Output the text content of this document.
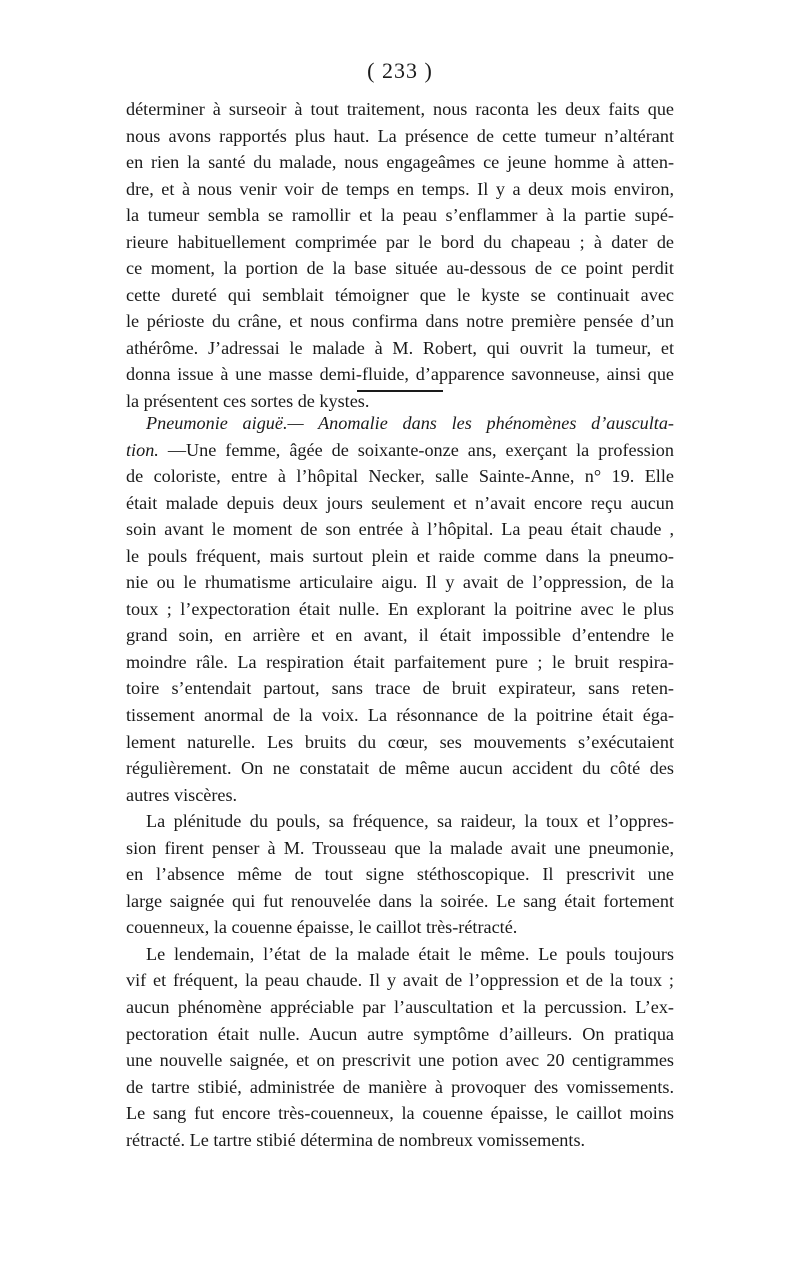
( 233 )
déterminer à surseoir à tout traitement, nous raconta les deux faits que
nous avons rapportés plus haut. La présence de cette tumeur n’altérant
en rien la santé du malade, nous engageâmes ce jeune homme à atten-
dre, et à nous venir voir de temps en temps. Il y a deux mois environ,
la tumeur sembla se ramollir et la peau s’enflammer à la partie supé-
rieure habituellement comprimée par le bord du chapeau ; à dater de
ce moment, la portion de la base située au-dessous de ce point perdit
cette dureté qui semblait témoigner que le kyste se continuait avec
le périoste du crâne, et nous confirma dans notre première pensée d’un
athérôme. J’adressai le malade à M. Robert, qui ouvrit la tumeur, et
donna issue à une masse demi-fluide, d’apparence savonneuse, ainsi que
la présentent ces sortes de kystes.
Pneumonie aiguë.— Anomalie dans les phénomènes d’ausculta-
tion. —Une femme, âgée de soixante-onze ans, exerçant la profession
de coloriste, entre à l’hôpital Necker, salle Sainte-Anne, n° 19. Elle
était malade depuis deux jours seulement et n’avait encore reçu aucun
soin avant le moment de son entrée à l’hôpital. La peau était chaude ,
le pouls fréquent, mais surtout plein et raide comme dans la pneumo-
nie ou le rhumatisme articulaire aigu. Il y avait de l’oppression, de la
toux ; l’expectoration était nulle. En explorant la poitrine avec le plus
grand soin, en arrière et en avant, il était impossible d’entendre le
moindre râle. La respiration était parfaitement pure ; le bruit respira-
toire s’entendait partout, sans trace de bruit expirateur, sans reten-
tissement anormal de la voix. La résonnance de la poitrine était éga-
lement naturelle. Les bruits du cœur, ses mouvements s’exécutaient
régulièrement. On ne constatait de même aucun accident du côté des
autres viscères.
La plénitude du pouls, sa fréquence, sa raideur, la toux et l’oppres-
sion firent penser à M. Trousseau que la malade avait une pneumonie,
en l’absence même de tout signe stéthoscopique. Il prescrivit une
large saignée qui fut renouvelée dans la soirée. Le sang était fortement
couenneux, la couenne épaisse, le caillot très-rétracté.
Le lendemain, l’état de la malade était le même. Le pouls toujours
vif et fréquent, la peau chaude. Il y avait de l’oppression et de la toux ;
aucun phénomène appréciable par l’auscultation et la percussion. L’ex-
pectoration était nulle. Aucun autre symptôme d’ailleurs. On pratiqua
une nouvelle saignée, et on prescrivit une potion avec 20 centigrammes
de tartre stibié, administrée de manière à provoquer des vomissements.
Le sang fut encore très-couenneux, la couenne épaisse, le caillot moins
rétracté. Le tartre stibié détermina de nombreux vomissements.
